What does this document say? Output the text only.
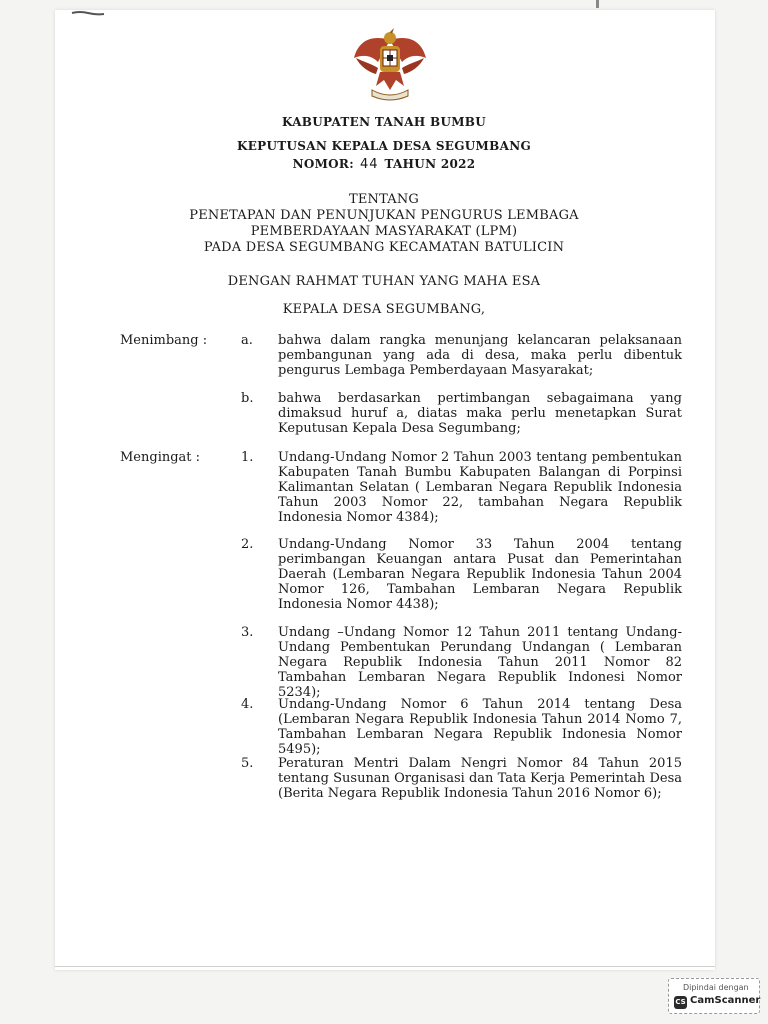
KABUPATEN TANAH BUMBU
KEPUTUSAN KEPALA DESA SEGUMBANG
NOMOR: 44 TAHUN 2022
TENTANG
PENETAPAN DAN PENUNJUKAN PENGURUS LEMBAGA
PEMBERDAYAAN MASYARAKAT (LPM)
PADA DESA SEGUMBANG KECAMATAN BATULICIN
DENGAN RAHMAT TUHAN YANG MAHA ESA
KEPALA DESA SEGUMBANG,
Menimbang :	a. bahwa dalam rangka menunjang kelancaran pelaksanaan pembangunan yang ada di desa, maka perlu dibentuk pengurus Lembaga Pemberdayaan Masyarakat;
b. bahwa berdasarkan pertimbangan sebagaimana yang dimaksud huruf a, diatas maka perlu menetapkan Surat Keputusan Kepala Desa Segumbang;
Mengingat :	1. Undang-Undang Nomor 2 Tahun 2003 tentang pembentukan Kabupaten Tanah Bumbu Kabupaten Balangan di Porpinsi Kalimantan Selatan ( Lembaran Negara Republik Indonesia Tahun 2003 Nomor 22, tambahan Negara Republik Indonesia Nomor 4384);
2. Undang-Undang Nomor 33 Tahun 2004 tentang perimbangan Keuangan antara Pusat dan Pemerintahan Daerah (Lembaran Negara Republik Indonesia Tahun 2004 Nomor 126, Tambahan Lembaran Negara Republik Indonesia Nomor 4438);
3. Undang –Undang Nomor 12 Tahun 2011 tentang Undang-Undang Pembentukan Perundang Undangan ( Lembaran Negara Republik Indonesia Tahun 2011 Nomor 82 Tambahan Lembaran Negara Republik Indonesi Nomor 5234);
4. Undang-Undang Nomor 6 Tahun 2014 tentang Desa (Lembaran Negara Republik Indonesia Tahun 2014 Nomo 7, Tambahan Lembaran Negara Republik Indonesia Nomor 5495);
5. Peraturan Mentri Dalam Nengri Nomor 84 Tahun 2015 tentang Susunan Organisasi dan Tata Kerja Pemerintah Desa (Berita Negara Republik Indonesia Tahun 2016 Nomor 6);
Dipindai dengan
CS CamScanner
